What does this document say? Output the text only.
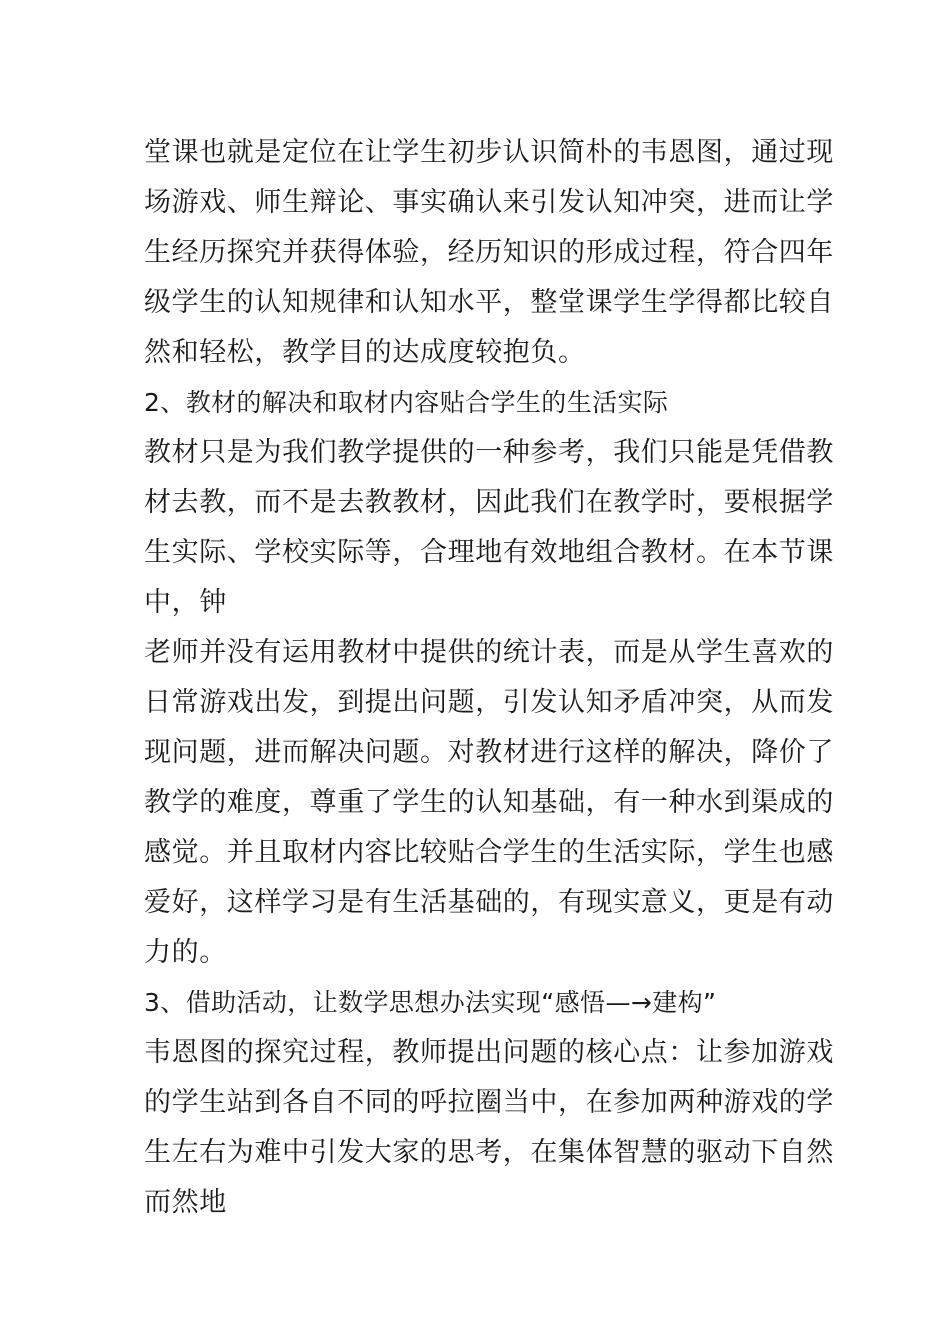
堂课也就是定位在让学生初步认识简朴的韦恩图，通过现
场游戏、师生辩论、事实确认来引发认知冲突，进而让学
生经历探究并获得体验，经历知识的形成过程，符合四年
级学生的认知规律和认知水平，整堂课学生学得都比较自
然和轻松，教学目的达成度较抱负。
2、教材的解决和取材内容贴合学生的生活实际
教材只是为我们教学提供的一种参考，我们只能是凭借教
材去教，而不是去教教材，因此我们在教学时，要根据学
生实际、学校实际等，合理地有效地组合教材。在本节课
中，钟
老师并没有运用教材中提供的统计表，而是从学生喜欢的
日常游戏出发，到提出问题，引发认知矛盾冲突，从而发
现问题，进而解决问题。对教材进行这样的解决，降价了
教学的难度，尊重了学生的认知基础，有一种水到渠成的
感觉。并且取材内容比较贴合学生的生活实际，学生也感
爱好，这样学习是有生活基础的，有现实意义，更是有动
力的。
3、借助活动，让数学思想办法实现“感悟—→建构”
韦恩图的探究过程，教师提出问题的核心点：让参加游戏
的学生站到各自不同的呼拉圈当中，在参加两种游戏的学
生左右为难中引发大家的思考，在集体智慧的驱动下自然
而然地
